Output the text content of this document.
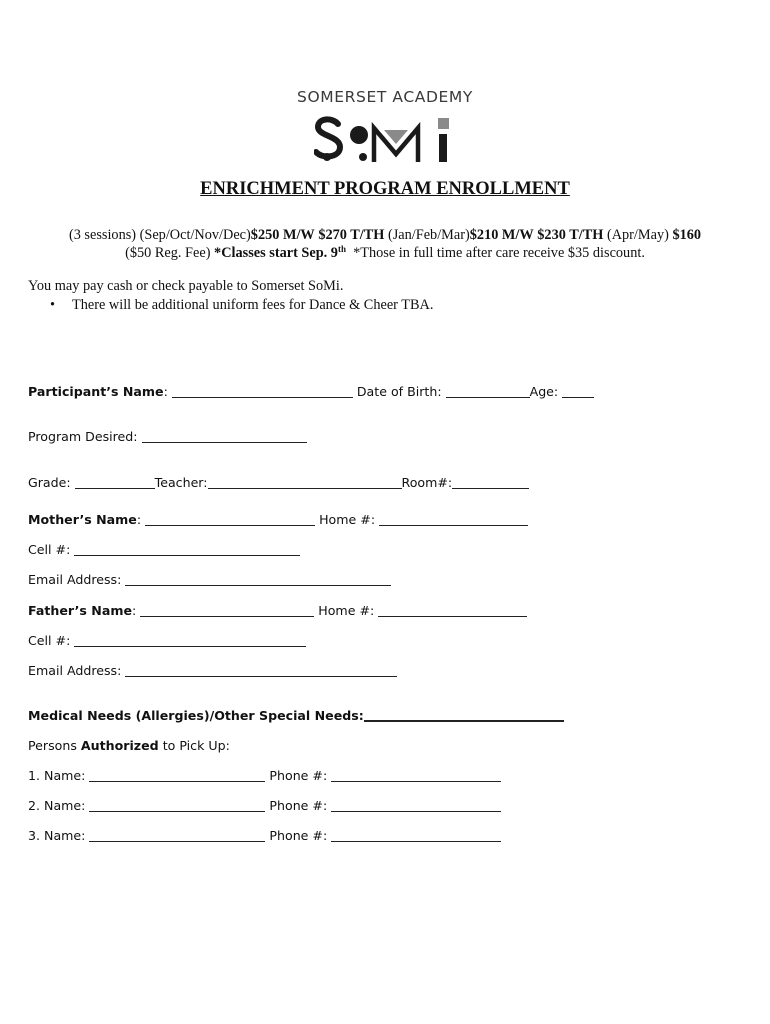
SOMERSET ACADEMY
ENRICHMENT PROGRAM ENROLLMENT
(3 sessions) (Sep/Oct/Nov/Dec)$250 M/W $270 T/TH (Jan/Feb/Mar)$210 M/W $230 T/TH (Apr/May) $160
($50 Reg. Fee) *Classes start Sep. 9th *Those in full time after care receive $35 discount.
You may pay cash or check payable to Somerset SoMi.
• There will be additional uniform fees for Dance & Cheer TBA.
Participant’s Name :	Date of Birth:	Age:
Program Desired:
Grade:	Teacher:	Room#:
Mother’s Name :	Home #:
Cell #:
Email Address:
Father’s Name :	Home #:
Cell #:
Email Address:
Medical Needs (Allergies)/Other Special Needs:
Persons
Authorized
to Pick Up:
1. Name:	Phone #:
2. Name:	Phone #:
3. Name:	Phone #:
